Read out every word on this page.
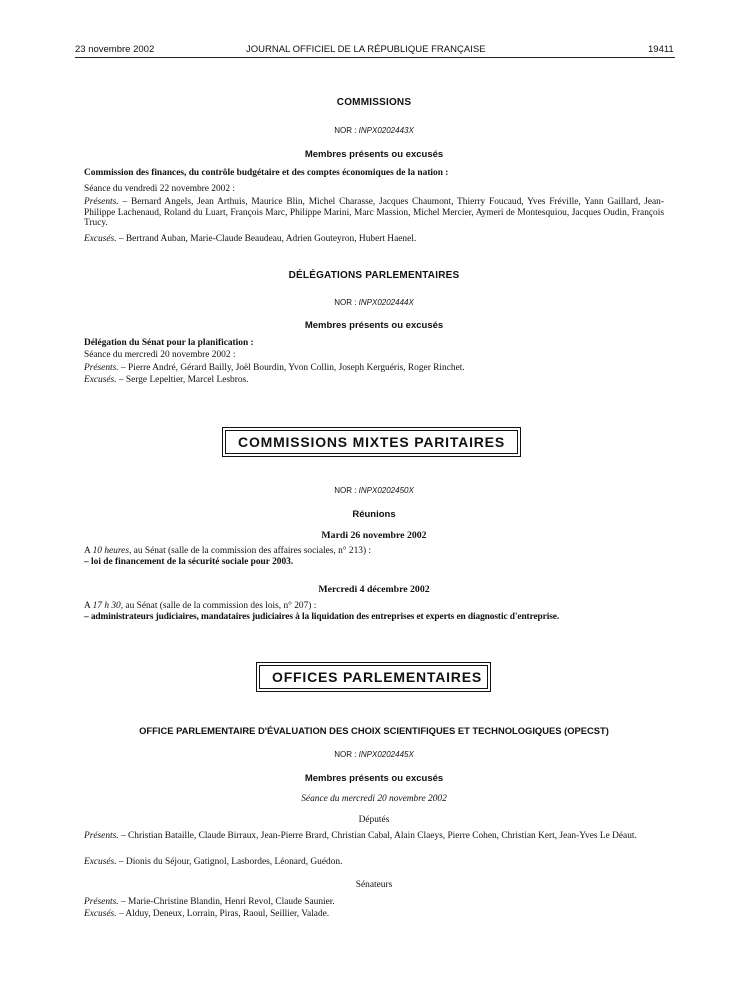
23 novembre 2002	JOURNAL OFFICIEL DE LA RÉPUBLIQUE FRANÇAISE	19411
COMMISSIONS
NOR : INPX0202443X
Membres présents ou excusés
Commission des finances, du contrôle budgétaire et des comptes économiques de la nation :
Séance du vendredi 22 novembre 2002 :
Présents. – Bernard Angels, Jean Arthuis, Maurice Blin, Michel Charasse, Jacques Chaumont, Thierry Foucaud, Yves Fréville, Yann Gaillard, Jean-Philippe Lachenaud, Roland du Luart, François Marc, Philippe Marini, Marc Massion, Michel Mercier, Aymeri de Montesquiou, Jacques Oudin, François Trucy.
Excusés. – Bertrand Auban, Marie-Claude Beaudeau, Adrien Gouteyron, Hubert Haenel.
DÉLÉGATIONS PARLEMENTAIRES
NOR : INPX0202444X
Membres présents ou excusés
Délégation du Sénat pour la planification :
Séance du mercredi 20 novembre 2002 :
Présents. – Pierre André, Gérard Bailly, Joël Bourdin, Yvon Collin, Joseph Kerguéris, Roger Rinchet.
Excusés. – Serge Lepeltier, Marcel Lesbros.
COMMISSIONS MIXTES PARITAIRES
NOR : INPX0202450X
Réunions
Mardi 26 novembre 2002
A 10 heures, au Sénat (salle de la commission des affaires sociales, n° 213) :
– loi de financement de la sécurité sociale pour 2003.
Mercredi 4 décembre 2002
A 17 h 30, au Sénat (salle de la commission des lois, n° 207) :
– administrateurs judiciaires, mandataires judiciaires à la liquidation des entreprises et experts en diagnostic d'entreprise.
OFFICES PARLEMENTAIRES
OFFICE PARLEMENTAIRE D'ÉVALUATION DES CHOIX SCIENTIFIQUES ET TECHNOLOGIQUES (OPECST)
NOR : INPX0202445X
Membres présents ou excusés
Séance du mercredi 20 novembre 2002
Députés
Présents. – Christian Bataille, Claude Birraux, Jean-Pierre Brard, Christian Cabal, Alain Claeys, Pierre Cohen, Christian Kert, Jean-Yves Le Déaut.
Excusés. – Dionis du Séjour, Gatignol, Lasbordes, Léonard, Guédon.
Sénateurs
Présents. – Marie-Christine Blandin, Henri Revol, Claude Saunier.
Excusés. – Alduy, Deneux, Lorrain, Piras, Raoul, Seillier, Valade.
